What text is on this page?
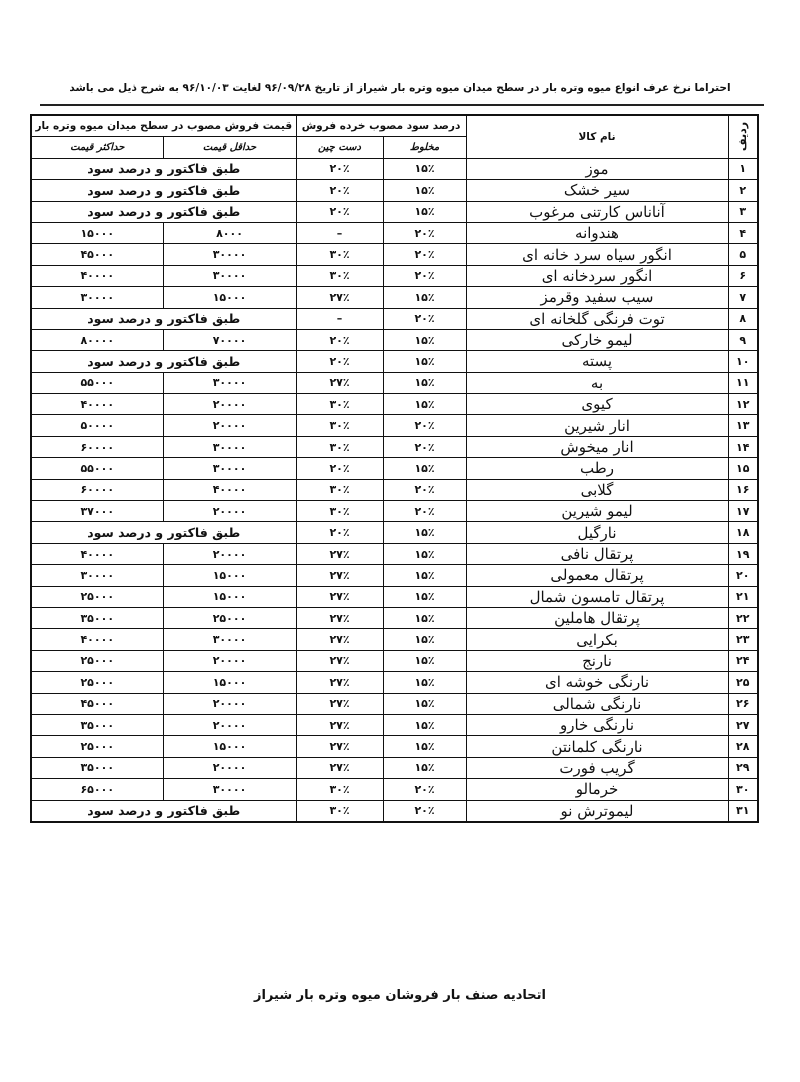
احتراما نرخ عرف انواع میوه وتره بار در سطح میدان میوه وتره بار شیراز از تاریخ ۹۶/۰۹/۲۸ لغایت ۹۶/۱۰/۰۳ به شرح ذیل می باشد
ردیف	نام کالا	درصد سود مصوب خرده فروش		قیمت فروش مصوب در سطح میدان میوه وتره بار	
		مخلوط	دست چین	حداقل قیمت	حداکثر قیمت
۱	موز	۱۵٪	۲۰٪	طبق فاکتور و درصد سود	
۲	سیر خشک	۱۵٪	۲۰٪	طبق فاکتور و درصد سود	
۳	آناناس کارتنی مرغوب	۱۵٪	۲۰٪	طبق فاکتور و درصد سود	
۴	هندوانه	۲۰٪	–	۸۰۰۰	۱۵۰۰۰
۵	انگور سیاه سرد خانه ای	۲۰٪	۳۰٪	۳۰۰۰۰	۴۵۰۰۰
۶	انگور سردخانه ای	۲۰٪	۳۰٪	۳۰۰۰۰	۴۰۰۰۰
۷	سیب سفید وقرمز	۱۵٪	۲۷٪	۱۵۰۰۰	۳۰۰۰۰
۸	توت فرنگی گلخانه ای	۲۰٪	–	طبق فاکتور و درصد سود	
۹	لیمو خارکی	۱۵٪	۲۰٪	۷۰۰۰۰	۸۰۰۰۰
۱۰	پسته	۱۵٪	۲۰٪	طبق فاکتور و درصد سود	
۱۱	به	۱۵٪	۲۷٪	۳۰۰۰۰	۵۵۰۰۰
۱۲	کیوی	۱۵٪	۳۰٪	۲۰۰۰۰	۴۰۰۰۰
۱۳	انار شیرین	۲۰٪	۳۰٪	۲۰۰۰۰	۵۰۰۰۰
۱۴	انار میخوش	۲۰٪	۳۰٪	۳۰۰۰۰	۶۰۰۰۰
۱۵	رطب	۱۵٪	۲۰٪	۳۰۰۰۰	۵۵۰۰۰
۱۶	گلابی	۲۰٪	۳۰٪	۴۰۰۰۰	۶۰۰۰۰
۱۷	لیمو شیرین	۲۰٪	۳۰٪	۲۰۰۰۰	۳۷۰۰۰
۱۸	نارگیل	۱۵٪	۲۰٪	طبق فاکتور و درصد سود	
۱۹	پرتقال نافی	۱۵٪	۲۷٪	۲۰۰۰۰	۴۰۰۰۰
۲۰	پرتقال معمولی	۱۵٪	۲۷٪	۱۵۰۰۰	۳۰۰۰۰
۲۱	پرتقال تامسون شمال	۱۵٪	۲۷٪	۱۵۰۰۰	۲۵۰۰۰
۲۲	پرتقال هاملین	۱۵٪	۲۷٪	۲۵۰۰۰	۳۵۰۰۰
۲۳	بکرایی	۱۵٪	۲۷٪	۳۰۰۰۰	۴۰۰۰۰
۲۴	نارنج	۱۵٪	۲۷٪	۲۰۰۰۰	۲۵۰۰۰
۲۵	نارنگی خوشه ای	۱۵٪	۲۷٪	۱۵۰۰۰	۲۵۰۰۰
۲۶	نارنگی شمالی	۱۵٪	۲۷٪	۲۰۰۰۰	۴۵۰۰۰
۲۷	نارنگی خارو	۱۵٪	۲۷٪	۲۰۰۰۰	۳۵۰۰۰
۲۸	نارنگی کلمانتن	۱۵٪	۲۷٪	۱۵۰۰۰	۲۵۰۰۰
۲۹	گریب فورت	۱۵٪	۲۷٪	۲۰۰۰۰	۳۵۰۰۰
۳۰	خرمالو	۲۰٪	۳۰٪	۳۰۰۰۰	۶۵۰۰۰
۳۱	لیموترش نو	۲۰٪	۳۰٪	طبق فاکتور و درصد سود	
اتحادیه صنف بار فروشان میوه وتره بار شیراز
